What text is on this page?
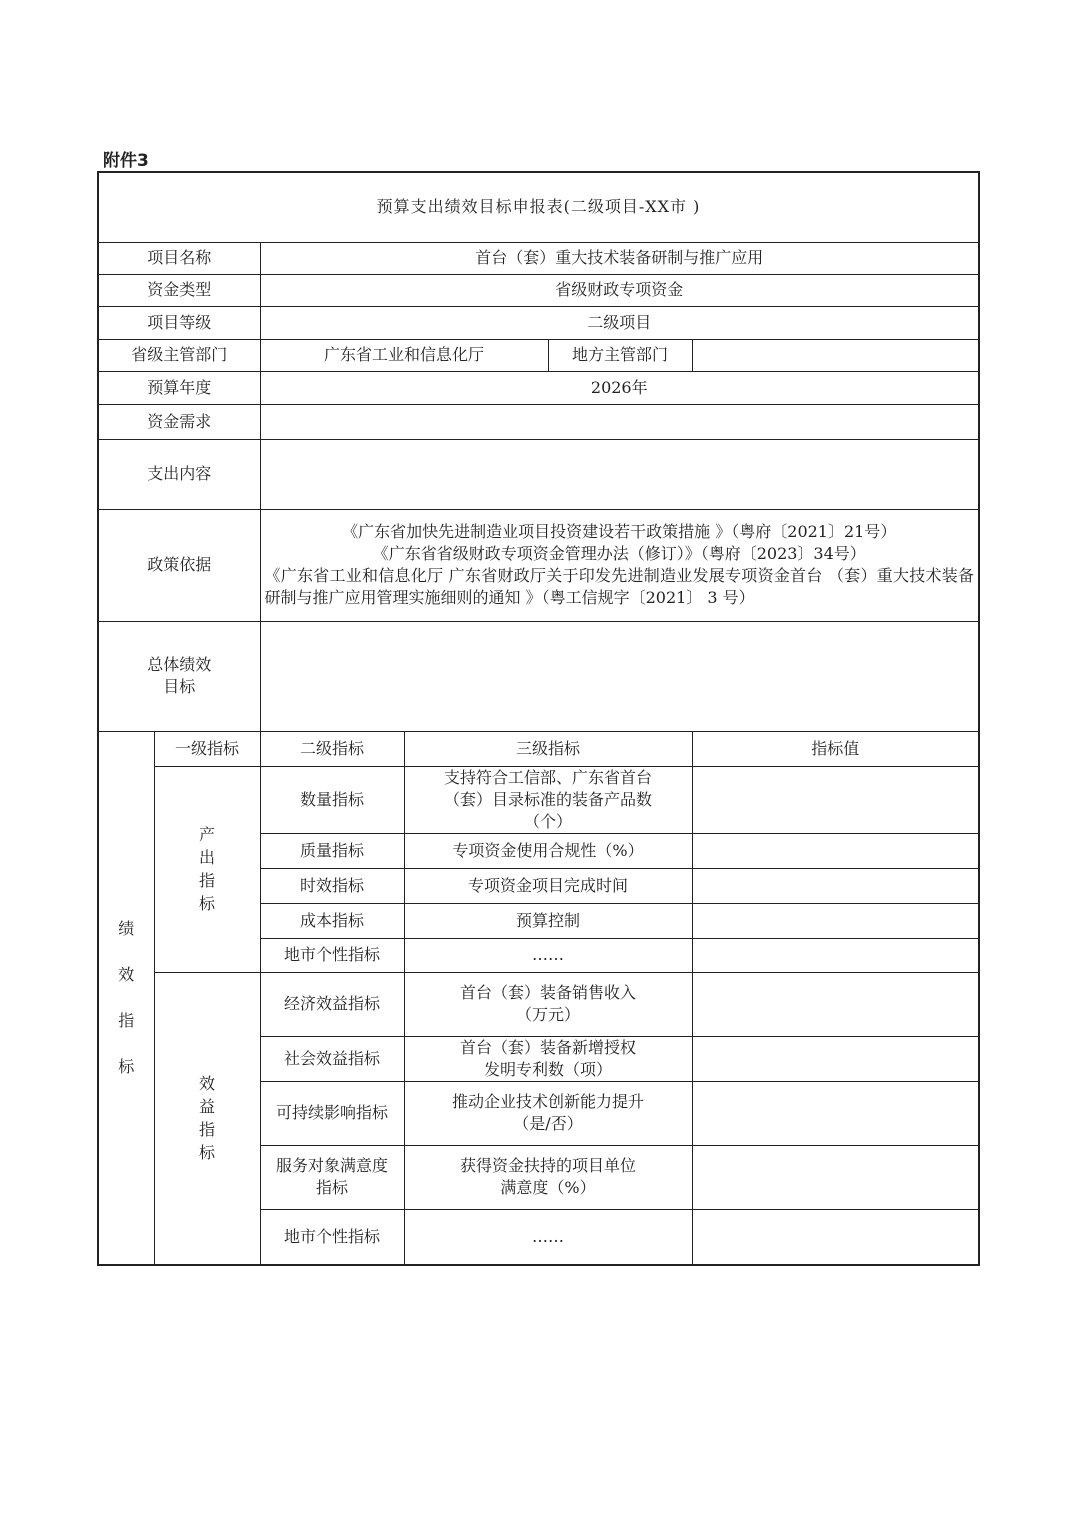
附件3
预算支出绩效目标申报表(二级项目-XX市 )					
项目名称		首台（套）重大技术装备研制与推广应用			
资金类型		省级财政专项资金			
项目等级		二级项目			
省级主管部门		广东省工业和信息化厅		地方主管部门	
预算年度		2026年			
资金需求					
支出内容					
政策依据		《广东省加快先进制造业项目投资建设若干政策措施 》（粤府〔2021〕21号）
《广东省省级财政专项资金管理办法（修订）》（粤府〔2023〕34号）
《广东省工业和信息化厅 广东省财政厅关于印发先进制造业发展专项资金首台 （套）重大技术装备研制与推广应用管理实施细则的通知 》（粤工信规字〔2021〕 3 号）			

总体绩效
目标					
绩效指标	一级指标	二级指标	三级指标		指标值
	产出指标	数量指标	支持符合工信部、广东省首台
（套）目录标准的装备产品数
（个）		
		质量指标	专项资金使用合规性（%）		
		时效指标	专项资金项目完成时间		
		成本指标	预算控制		
		地市个性指标	……		
	效益指标	经济效益指标	首台（套）装备销售收入
（万元）		
		社会效益指标	首台（套）装备新增授权
发明专利数（项）		
		可持续影响指标	推动企业技术创新能力提升
（是/否）		
		服务对象满意度
指标	获得资金扶持的项目单位
满意度（%）		
		地市个性指标	……		
